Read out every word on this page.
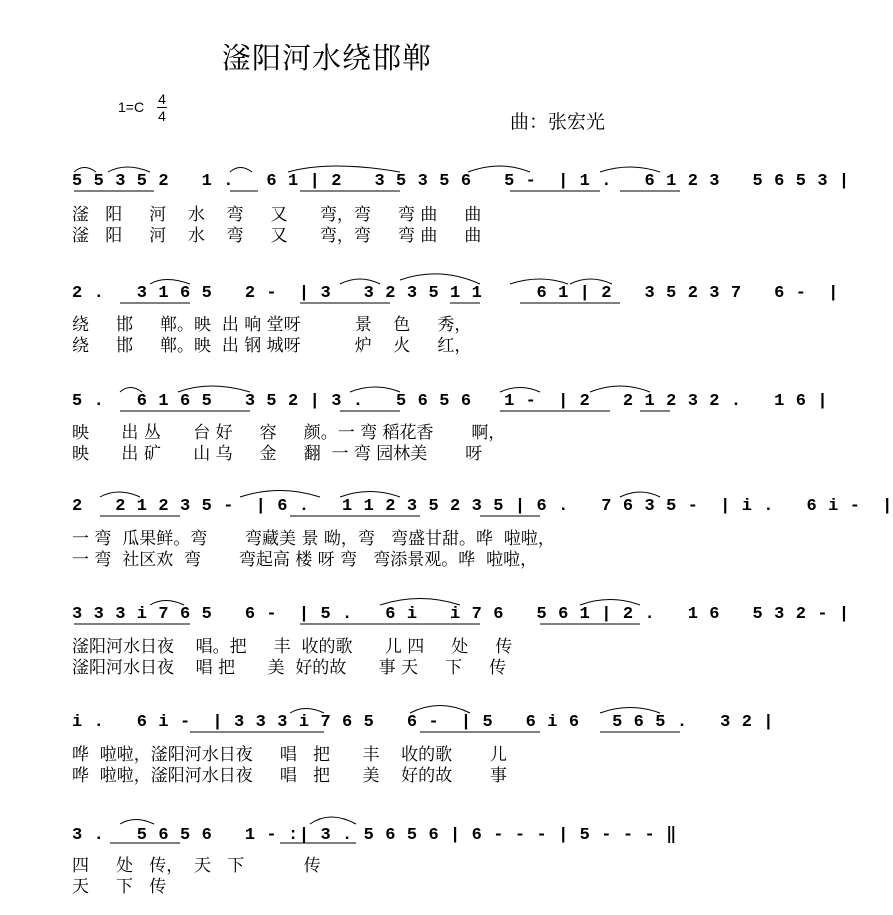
滏阳河水绕邯郸
1=C 4
4	曲：张宏光
5 5 3 5 2   1 .   6 1 | 2   3 5 3 5 6   5 -  | 1 .   6 1 2 3   5 6 5 3 |
滏   阳     河    水    弯     又      弯，弯     弯 曲     曲
滏   阳     河    水    弯     又      弯，弯     弯 曲     曲
2 .   3 1 6 5   2 -  | 3   3 2 3 5 1 1     6 1 | 2   3 5 2 3 7   6 -  |
绕     邯     郸。映  出 响 堂呀          景    色     秀，
绕     邯     郸。映  出 钢 城呀          炉    火     红，
5 .   6 1 6 5   3 5 2 | 3 .   5 6 5 6   1 -  | 2   2 1 2 3 2 .   1 6 |
映      出 丛      台 好     容     颜。一 弯 稻花香       啊，
映      出 矿      山 乌     金     翻  一 弯 园林美       呀
2   2 1 2 3 5 -  | 6 .   1 1 2 3 5 2 3 5 | 6 .   7 6 3 5 -  | i .   6 i -  |
一 弯  瓜果鲜。弯       弯藏美 景 呦，弯   弯盛甘甜。哗  啦啦，
一 弯  社区欢  弯       弯起高 楼 呀 弯   弯添景观。哗  啦啦，
3 3 3 i 7 6 5   6 -  | 5 .   6 i   i 7 6   5 6 1 | 2 .   1 6   5 3 2 - |
滏阳河水日夜    唱。把     丰  收的歌      儿 四     处     传
滏阳河水日夜    唱 把      美  好的故      事 天     下     传
i .   6 i -  | 3 3 3 i 7 6 5   6 -  | 5   6 i 6   5 6 5 .   3 2 |
哗  啦啦，滏阳河水日夜     唱   把      丰    收的歌       儿
哗  啦啦，滏阳河水日夜     唱   把      美    好的故       事
3 .   5 6 5 6   1 - :| 3 . 5 6 5 6 | 6 - - - | 5 - - - ‖
四     处   传，  天   下           传
天     下   传
